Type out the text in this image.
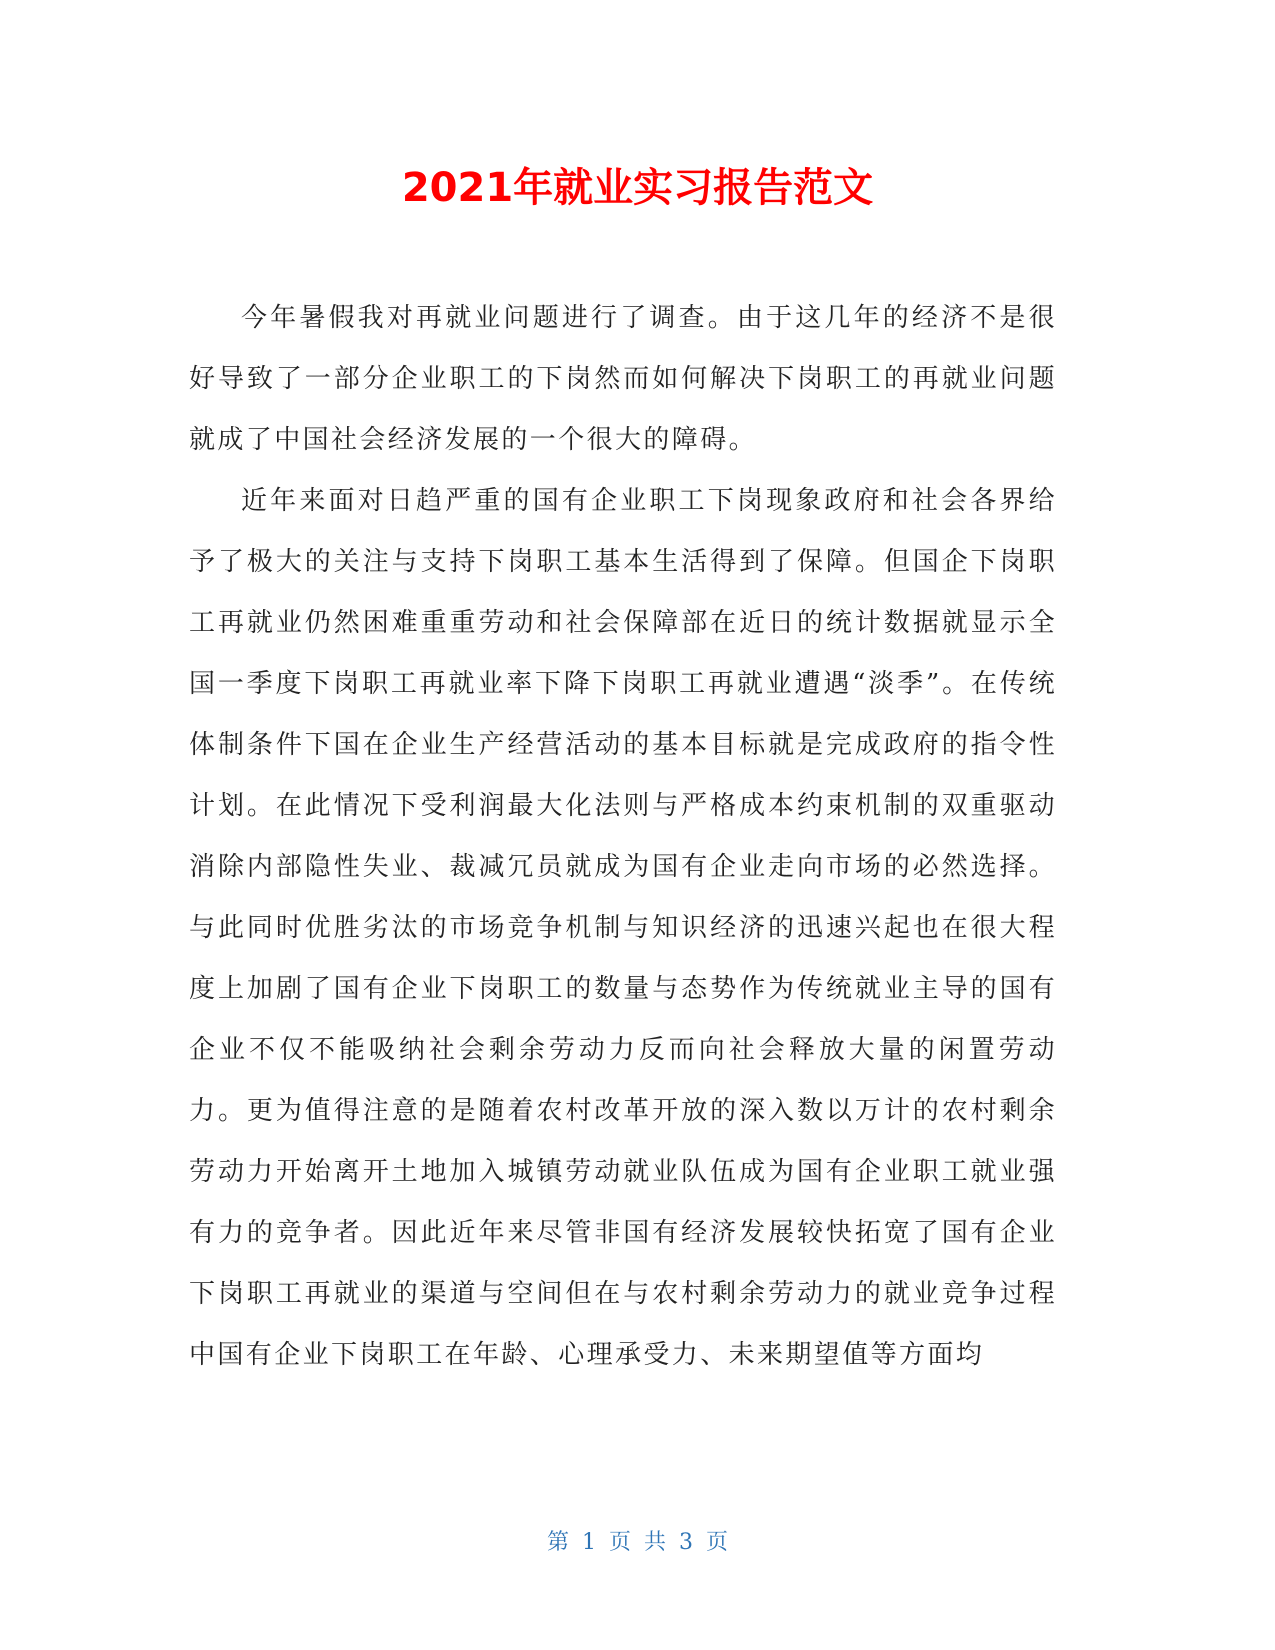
2021年就业实习报告范文

今年暑假我对再就业问题进行了调查。由于这几年的经济不是很好导致了一部分企业职工的下岗然而如何解决下岗职工的再就业问题就成了中国社会经济发展的一个很大的障碍。

近年来面对日趋严重的国有企业职工下岗现象政府和社会各界给予了极大的关注与支持下岗职工基本生活得到了保障。但国企下岗职工再就业仍然困难重重劳动和社会保障部在近日的统计数据就显示全国一季度下岗职工再就业率下降下岗职工再就业遭遇“淡季”。在传统体制条件下国在企业生产经营活动的基本目标就是完成政府的指令性计划。在此情况下受利润最大化法则与严格成本约束机制的双重驱动消除内部隐性失业、裁减冗员就成为国有企业走向市场的必然选择。与此同时优胜劣汰的市场竞争机制与知识经济的迅速兴起也在很大程度上加剧了国有企业下岗职工的数量与态势作为传统就业主导的国有企业不仅不能吸纳社会剩余劳动力反而向社会释放大量的闲置劳动力。更为值得注意的是随着农村改革开放的深入数以万计的农村剩余劳动力开始离开土地加入城镇劳动就业队伍成为国有企业职工就业强有力的竞争者。因此近年来尽管非国有经济发展较快拓宽了国有企业下岗职工再就业的渠道与空间但在与农村剩余劳动力的就业竞争过程中国有企业下岗职工在年龄、心理承受力、未来期望值等方面均

第 1 页 共 3 页
